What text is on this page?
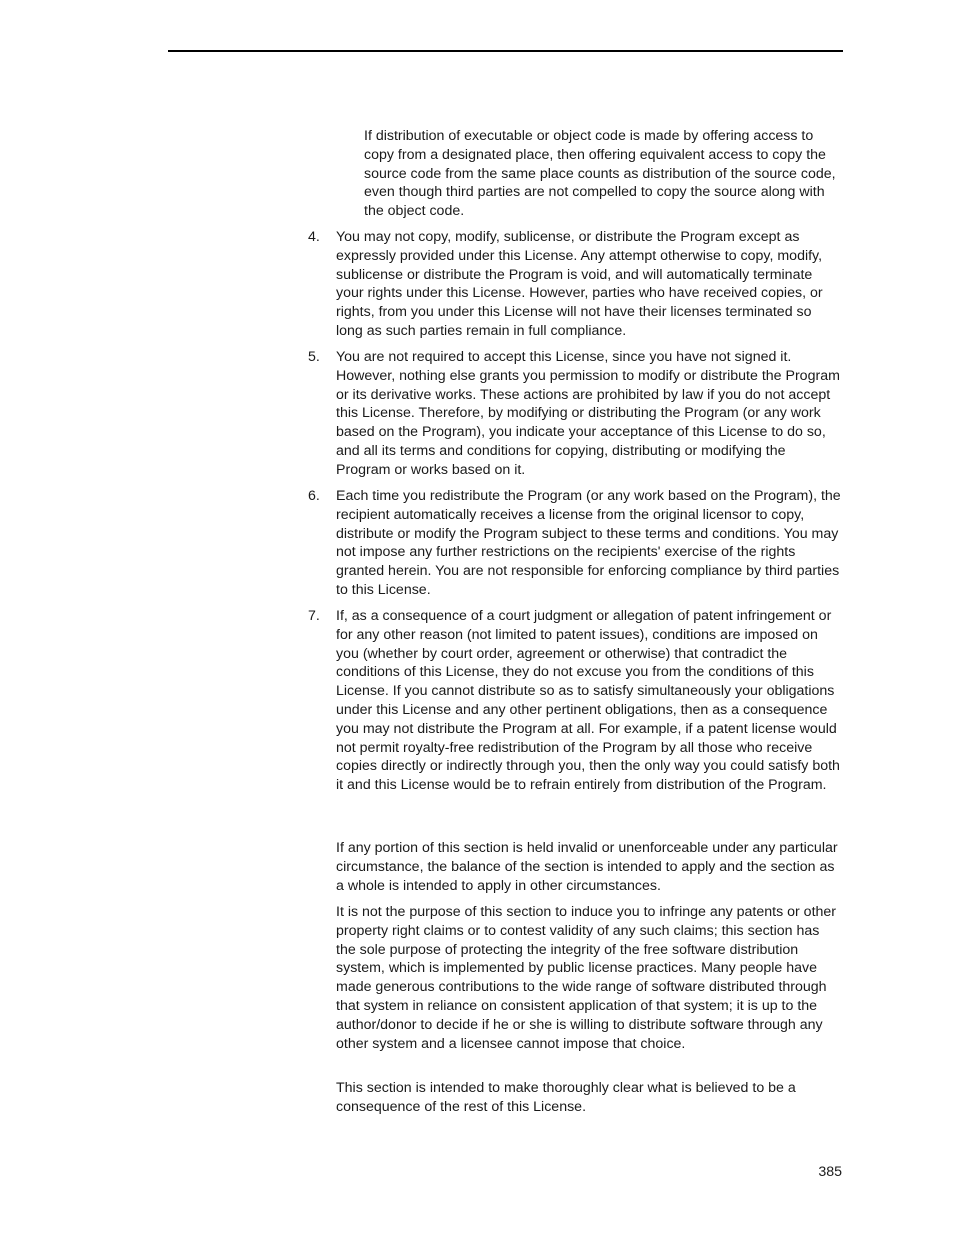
If distribution of executable or object code is made by offering access to copy from a designated place, then offering equivalent access to copy the source code from the same place counts as distribution of the source code, even though third parties are not compelled to copy the source along with the object code.

4. You may not copy, modify, sublicense, or distribute the Program except as expressly provided under this License. Any attempt otherwise to copy, modify, sublicense or distribute the Program is void, and will automatically terminate your rights under this License. However, parties who have received copies, or rights, from you under this License will not have their licenses terminated so long as such parties remain in full compliance.

5. You are not required to accept this License, since you have not signed it. However, nothing else grants you permission to modify or distribute the Program or its derivative works. These actions are prohibited by law if you do not accept this License. Therefore, by modifying or distributing the Program (or any work based on the Program), you indicate your acceptance of this License to do so, and all its terms and conditions for copying, distributing or modifying the Program or works based on it.

6. Each time you redistribute the Program (or any work based on the Program), the recipient automatically receives a license from the original licensor to copy, distribute or modify the Program subject to these terms and conditions. You may not impose any further restrictions on the recipients' exercise of the rights granted herein. You are not responsible for enforcing compliance by third parties to this License.

7. If, as a consequence of a court judgment or allegation of patent infringement or for any other reason (not limited to patent issues), conditions are imposed on you (whether by court order, agreement or otherwise) that contradict the conditions of this License, they do not excuse you from the conditions of this License. If you cannot distribute so as to satisfy simultaneously your obligations under this License and any other pertinent obligations, then as a consequence you may not distribute the Program at all. For example, if a patent license would not permit royalty-free redistribution of the Program by all those who receive copies directly or indirectly through you, then the only way you could satisfy both it and this License would be to refrain entirely from distribution of the Program.

If any portion of this section is held invalid or unenforceable under any particular circumstance, the balance of the section is intended to apply and the section as a whole is intended to apply in other circumstances.

It is not the purpose of this section to induce you to infringe any patents or other property right claims or to contest validity of any such claims; this section has the sole purpose of protecting the integrity of the free software distribution system, which is implemented by public license practices. Many people have made generous contributions to the wide range of software distributed through that system in reliance on consistent application of that system; it is up to the author/donor to decide if he or she is willing to distribute software through any other system and a licensee cannot impose that choice.

This section is intended to make thoroughly clear what is believed to be a consequence of the rest of this License.

385
